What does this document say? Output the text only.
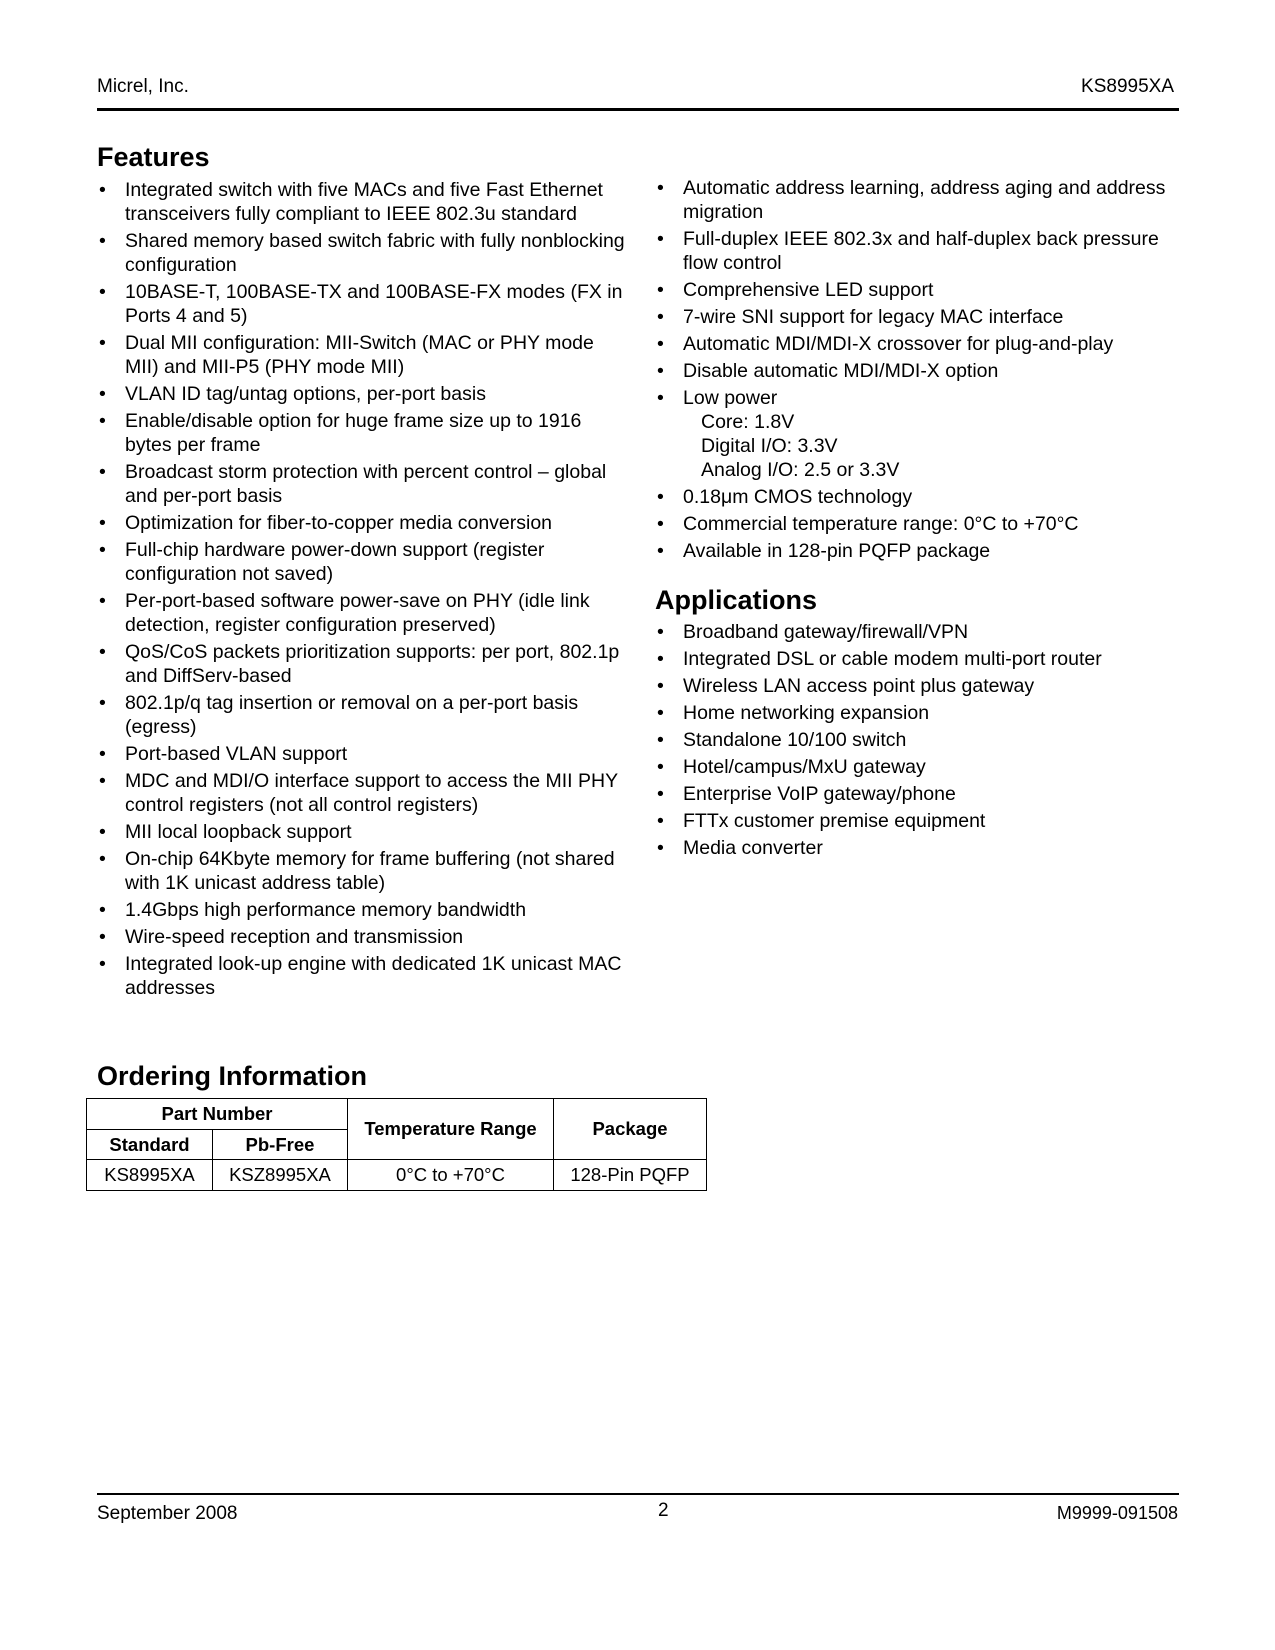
Micrel, Inc.	KS8995XA
Features
• Integrated switch with five MACs and five Fast Ethernet transceivers fully compliant to IEEE 802.3u standard
• Shared memory based switch fabric with fully nonblocking configuration
• 10BASE-T, 100BASE-TX and 100BASE-FX modes (FX in Ports 4 and 5)
• Dual MII configuration: MII-Switch (MAC or PHY mode MII) and MII-P5 (PHY mode MII)
• VLAN ID tag/untag options, per-port basis
• Enable/disable option for huge frame size up to 1916 bytes per frame
• Broadcast storm protection with percent control – global and per-port basis
• Optimization for fiber-to-copper media conversion
• Full-chip hardware power-down support (register configuration not saved)
• Per-port-based software power-save on PHY (idle link detection, register configuration preserved)
• QoS/CoS packets prioritization supports: per port, 802.1p and DiffServ-based
• 802.1p/q tag insertion or removal on a per-port basis (egress)
• Port-based VLAN support
• MDC and MDI/O interface support to access the MII PHY control registers (not all control registers)
• MII local loopback support
• On-chip 64Kbyte memory for frame buffering (not shared with 1K unicast address table)
• 1.4Gbps high performance memory bandwidth
• Wire-speed reception and transmission
• Integrated look-up engine with dedicated 1K unicast MAC addresses
• Automatic address learning, address aging and address migration
• Full-duplex IEEE 802.3x and half-duplex back pressure flow control
• Comprehensive LED support
• 7-wire SNI support for legacy MAC interface
• Automatic MDI/MDI-X crossover for plug-and-play
• Disable automatic MDI/MDI-X option
• Low power
Core: 1.8V
Digital I/O: 3.3V
Analog I/O: 2.5 or 3.3V
• 0.18μm CMOS technology
• Commercial temperature range: 0°C to +70°C
• Available in 128-pin PQFP package
Applications
• Broadband gateway/firewall/VPN
• Integrated DSL or cable modem multi-port router
• Wireless LAN access point plus gateway
• Home networking expansion
• Standalone 10/100 switch
• Hotel/campus/MxU gateway
• Enterprise VoIP gateway/phone
• FTTx customer premise equipment
• Media converter
Ordering Information
Part Number		Temperature Range	Package
Standard	Pb-Free		
KS8995XA	KSZ8995XA	0°C to +70°C	128-Pin PQFP
September 2008	2	M9999-091508
